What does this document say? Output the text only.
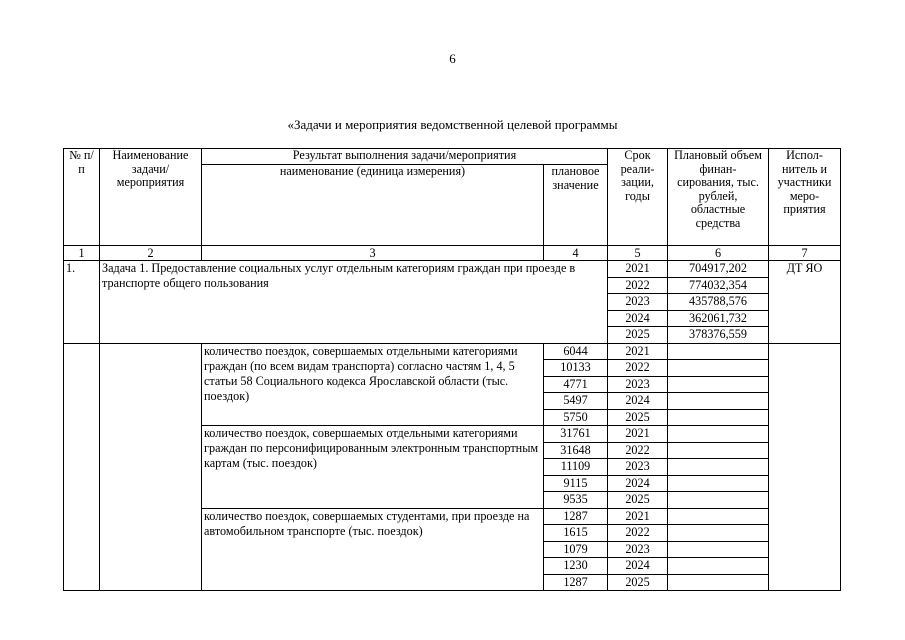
6
«Задачи и мероприятия ведомственной целевой программы
№ п/п	Наименование задачи/ мероприятия	Результат выполнения задачи/мероприятия		Срок реали- зации, годы	Плановый объем финан- сирования, тыс. рублей, областные средства	Испол- нитель и участники меро- приятия
		наименование (единица измерения)	плановое значение			
1	2	3	4	5	6	7
1.	Задача 1. Предоставление социальных услуг отдельным категориям граждан при проезде в транспорте общего пользования			2021	704917,202	ДТ ЯО
				2022	774032,354	
				2023	435788,576	
				2024	362061,732	
				2025	378376,559	
		количество поездок, совершаемых отдельными категориями граждан (по всем видам транспорта) согласно частям 1, 4, 5 статьи 58 Социального кодекса Ярославской области (тыс. поездок)	6044	2021		
			10133	2022		
			4771	2023		
			5497	2024		
			5750	2025		
		количество поездок, совершаемых отдельными категориями граждан по персонифицированным электронным транспортным картам (тыс. поездок)	31761	2021		
			31648	2022		
			11109	2023		
			9115	2024		
			9535	2025		
		количество поездок, совершаемых студентами, при проезде на автомобильном транспорте (тыс. поездок)	1287	2021		
			1615	2022		
			1079	2023		
			1230	2024		
			1287	2025		
